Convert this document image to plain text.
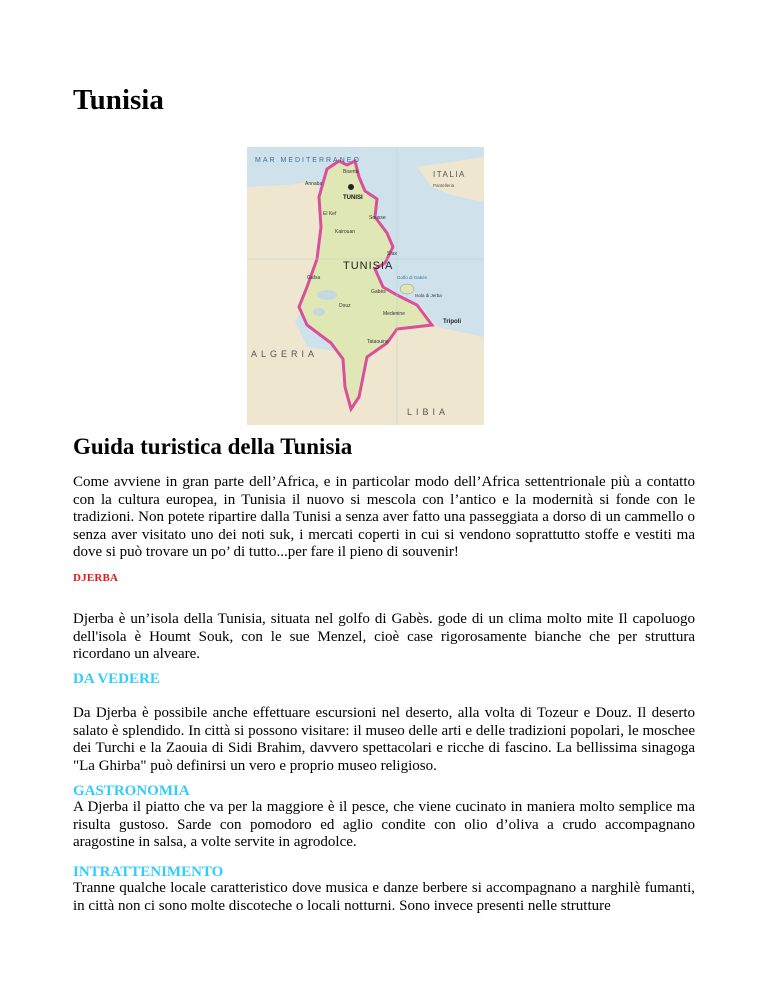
Tunisia
MAR MEDITERRANEO
ITALIA
Pantelleria
Biserta
Annaba
TUNISI
El Kef
Sousse
Kairouan
TUNISIA
Sfax
Gafsa	Golfo di Gabès
Gabès
Isola di Jerba
Douz
Medenine
Tripoli
Tataouine
ALGERIA
LIBIA
Guida turistica della Tunisia

Come avviene in gran parte dell’Africa, e in particolar modo dell’Africa settentrionale più a contatto con la cultura europea, in Tunisia il nuovo si mescola con l’antico e la modernità si fonde con le tradizioni. Non potete ripartire dalla Tunisi a senza aver fatto una passeggiata a dorso di un cammello o senza aver visitato uno dei noti suk, i mercati coperti in cui si vendono soprattutto stoffe e vestiti ma dove si può trovare un po’ di tutto...per fare il pieno di souvenir!

DJERBA

Djerba è un’isola della Tunisia, situata nel golfo di Gabès. gode di un clima molto mite Il capoluogo dell'isola è Houmt Souk, con le sue Menzel, cioè case rigorosamente bianche che per struttura ricordano un alveare.

DA VEDERE

Da Djerba è possibile anche effettuare escursioni nel deserto, alla volta di Tozeur e Douz. Il deserto salato è splendido. In città si possono visitare: il museo delle arti e delle tradizioni popolari, le moschee dei Turchi e la Zaouia di Sidi Brahim, davvero spettacolari e ricche di fascino. La bellissima sinagoga "La Ghirba" può definirsi un vero e proprio museo religioso.

GASTRONOMIA

A Djerba il piatto che va per la maggiore è il pesce, che viene cucinato in maniera molto semplice ma risulta gustoso. Sarde con pomodoro ed aglio condite con olio d’oliva a crudo accompagnano aragostine in salsa, a volte servite in agrodolce.

INTRATTENIMENTO

Tranne qualche locale caratteristico dove musica e danze berbere si accompagnano a narghilè fumanti, in città non ci sono molte discoteche o locali notturni. Sono invece presenti nelle strutture
